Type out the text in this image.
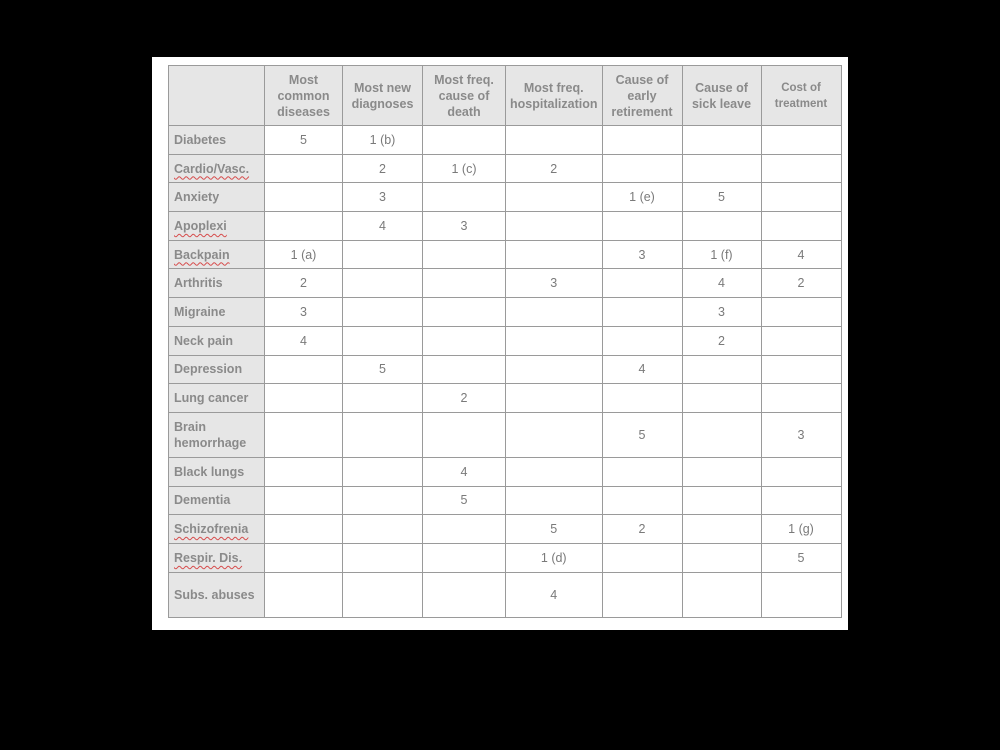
	Most common diseases	Most new diagnoses	Most freq. cause of death	Most freq. hospitalization	Cause of early retirement	Cause of sick leave	Cost of treatment
Diabetes	5	1 (b)					
Cardio/Vasc.		2	1 (c)	2			
Anxiety		3			1 (e)	5	
Apoplexi		4	3				
Backpain	1 (a)				3	1 (f)	4
Arthritis	2			3		4	2
Migraine	3					3	
Neck pain	4					2	
Depression		5			4		
Lung cancer			2				
Brain hemorrhage					5		3
Black lungs			4				
Dementia			5				
Schizofrenia				5	2		1 (g)
Respir. Dis.				1 (d)			5
Subs. abuses				4			
